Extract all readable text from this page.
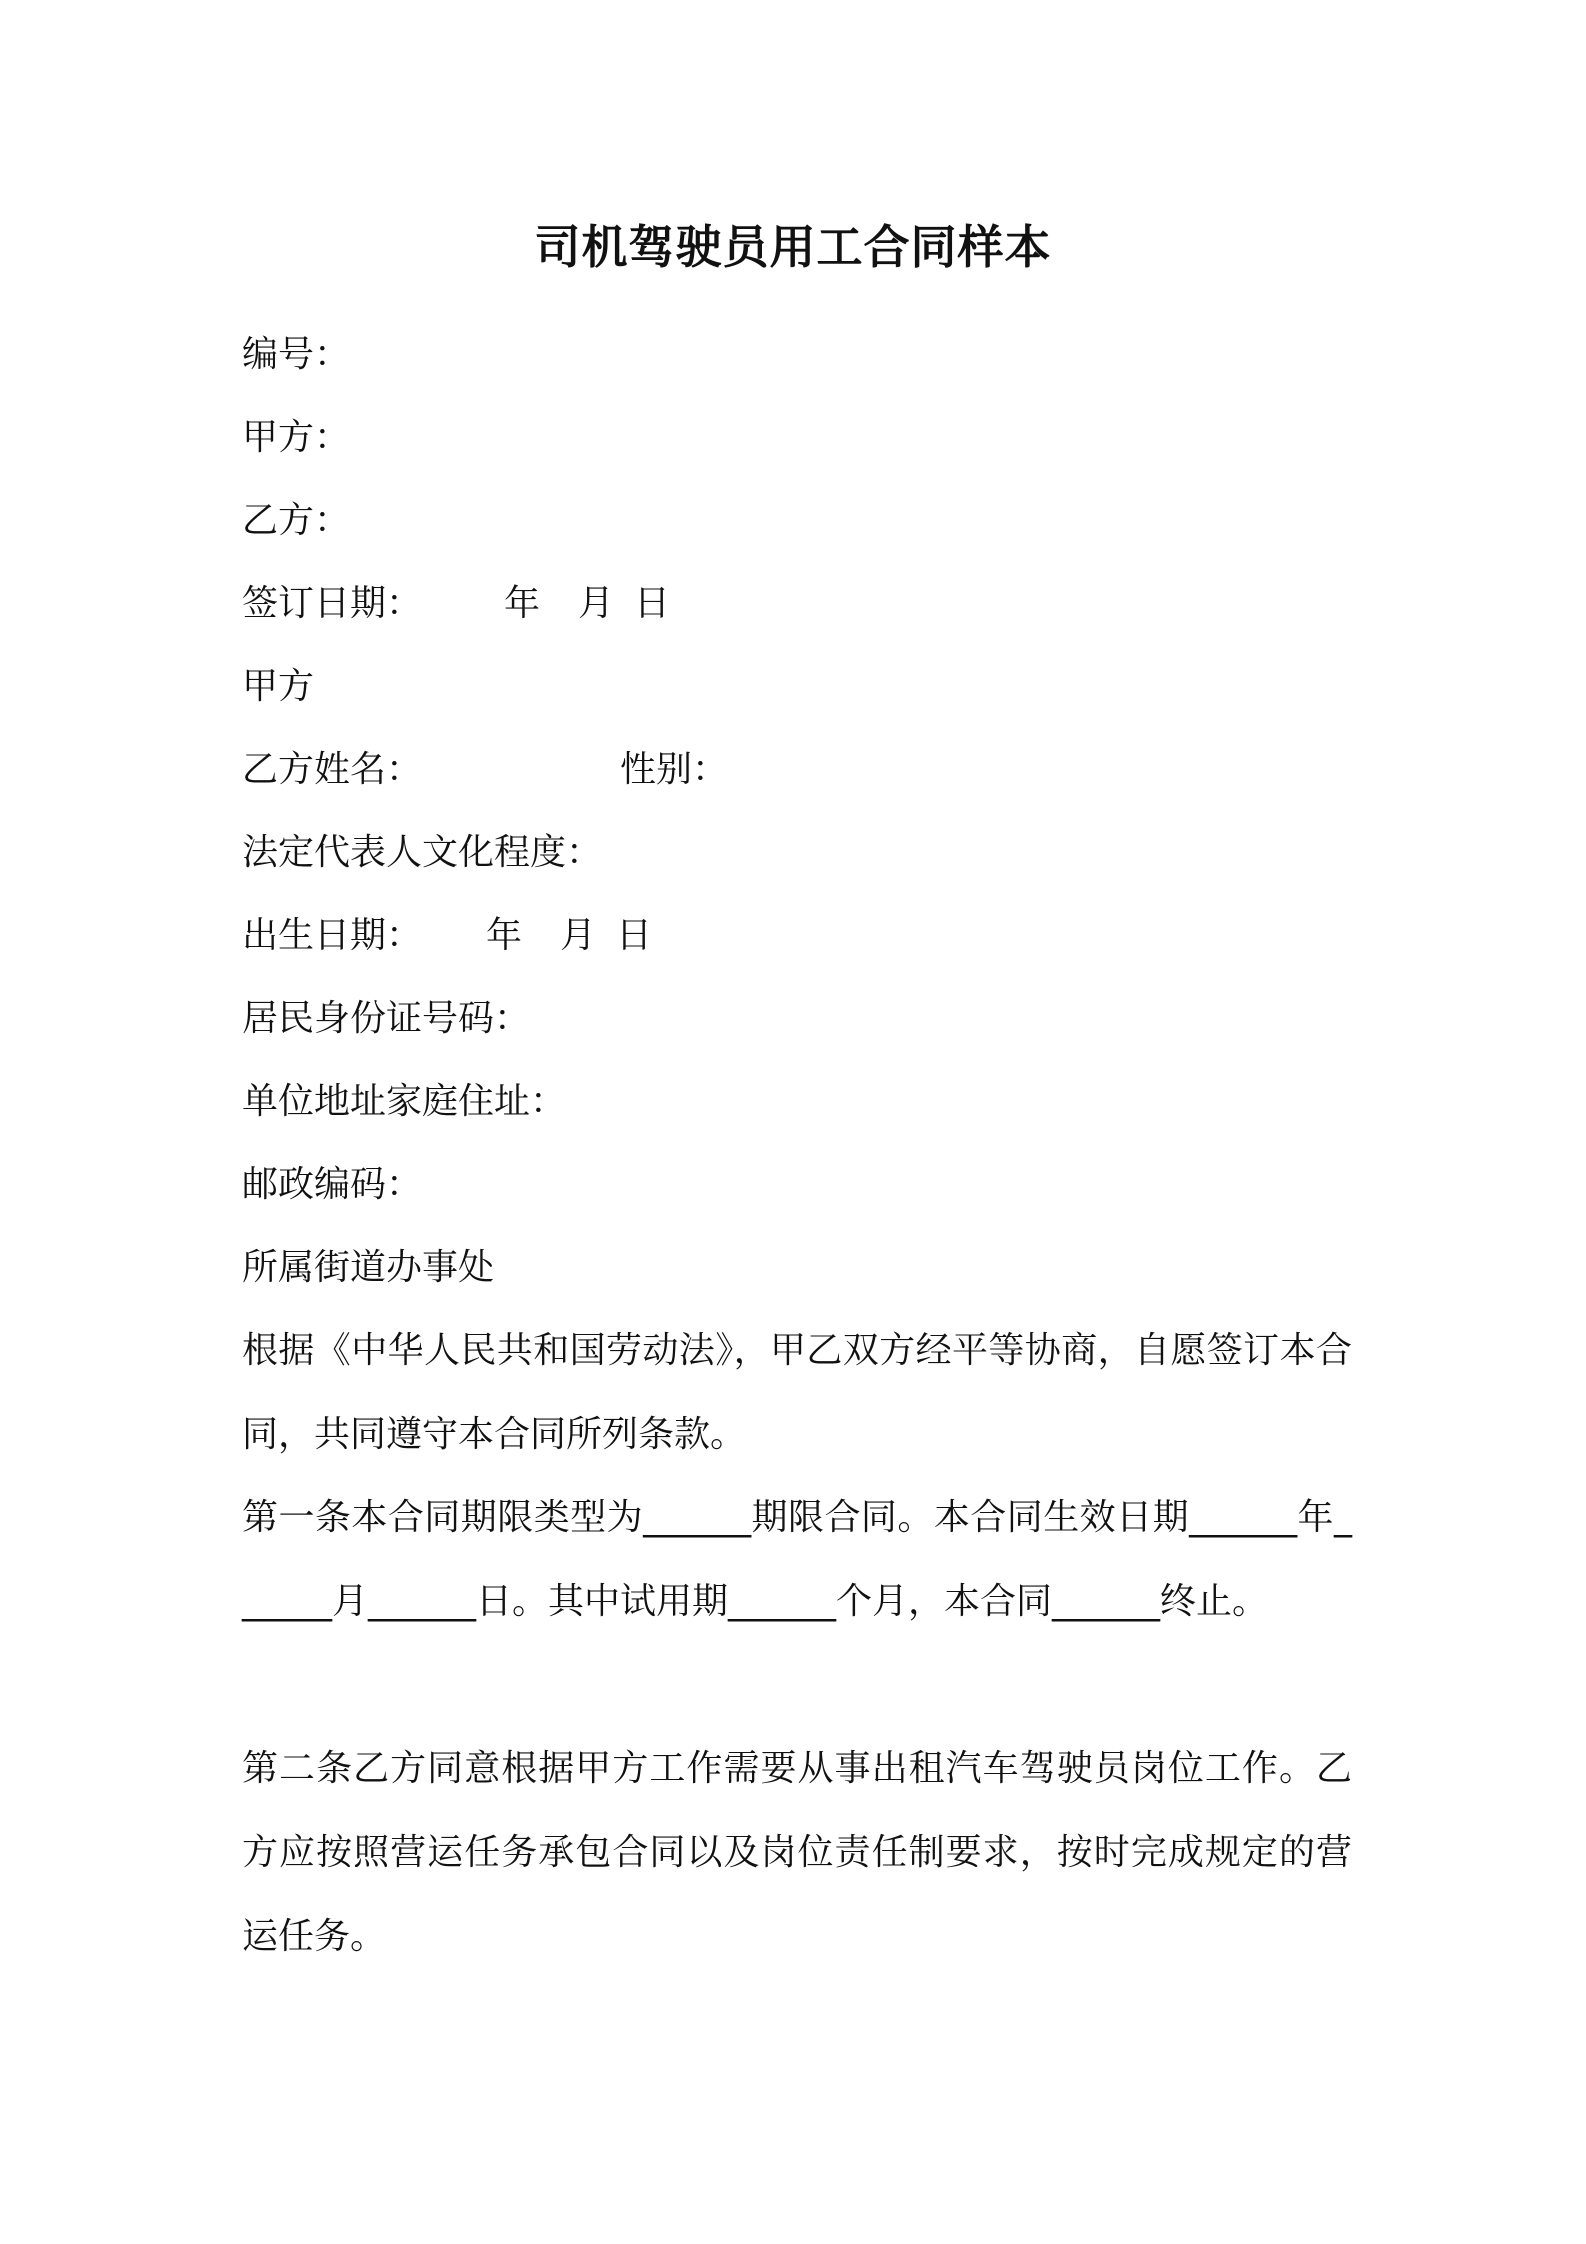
司机驾驶员用工合同样本
编号：
甲方：
乙方：
签订日期： 年 月 日
甲方
乙方姓名：	性别：
法定代表人文化程度：
出生日期： 年 月 日
居民身份证号码：
单位地址家庭住址：
邮政编码：
所属街道办事处
根据《中华人民共和国劳动法》，甲乙双方经平等协商，自愿签订本合同，共同遵守本合同所列条款。
第一条本合同期限类型为______期限合同。本合同生效日期______年______月______日。其中试用期______个月，本合同______终止。
第二条乙方同意根据甲方工作需要从事出租汽车驾驶员岗位工作。乙方应按照营运任务承包合同以及岗位责任制要求，按时完成规定的营运任务。
